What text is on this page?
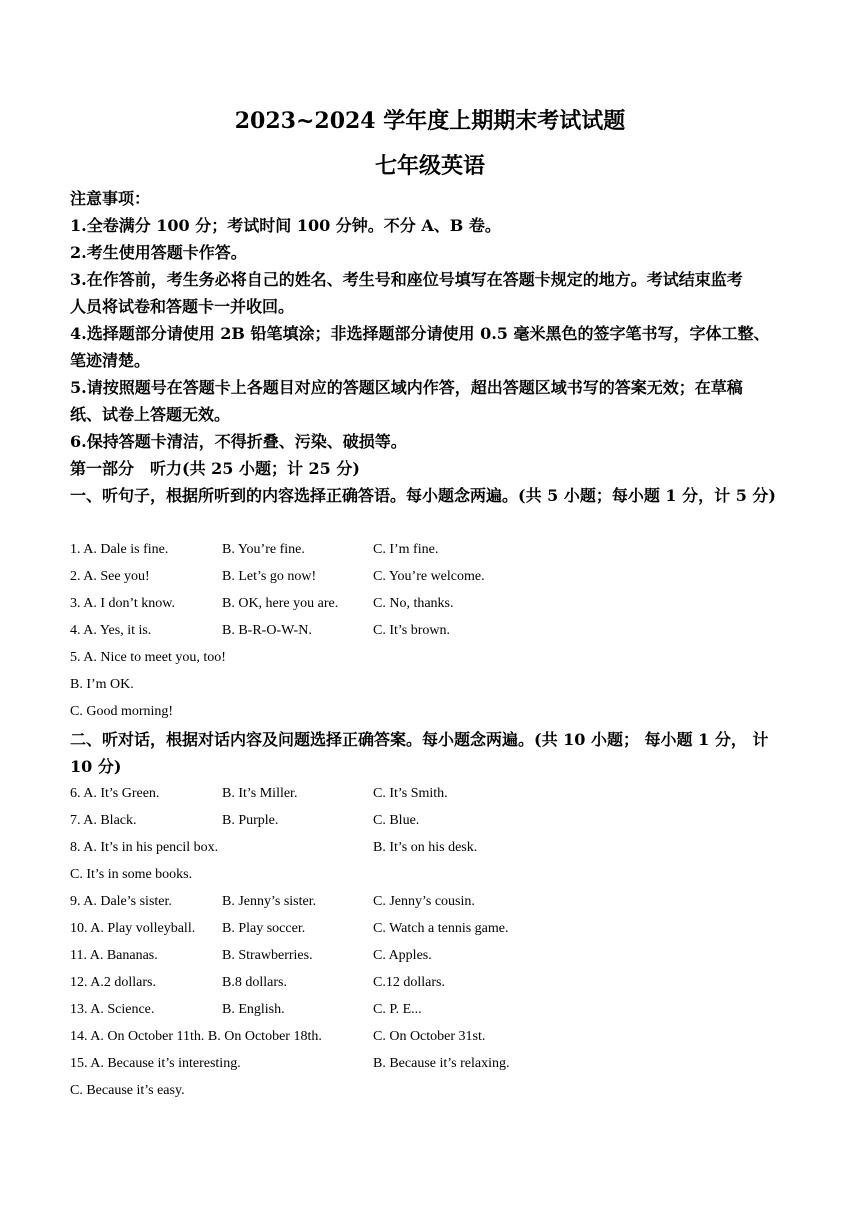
2023~2024 学年度上期期末考试试题
七年级英语
注意事项：
1.全卷满分 100 分；考试时间 100 分钟。不分 A、B 卷。
2.考生使用答题卡作答。
3.在作答前，考生务必将自己的姓名、考生号和座位号填写在答题卡规定的地方。考试结束监考
人员将试卷和答题卡一并收回。
4.选择题部分请使用 2B 铅笔填涂；非选择题部分请使用 0.5 毫米黑色的签字笔书写，字体工整、
笔迹清楚。
5.请按照题号在答题卡上各题目对应的答题区域内作答，超出答题区域书写的答案无效；在草稿
纸、试卷上答题无效。
6.保持答题卡清洁，不得折叠、污染、破损等。
第一部分　听力(共 25 小题；计 25 分)
一、听句子，根据所听到的内容选择正确答语。每小题念两遍。(共 5 小题；每小题 1 分，计 5 分)
1. A. Dale is fine.	B. You’re fine.	C. I’m fine.
2. A. See you!	B. Let’s go now!	C. You’re welcome.
3. A. I don’t know.	B. OK, here you are. C. No, thanks.
4. A. Yes, it is.	B. B-R-O-W-N.	C. It’s brown.
5. A. Nice to meet you, too!
B. I’m OK.
C. Good morning!
二、听对话，根据对话内容及问题选择正确答案。每小题念两遍。(共 10 小题； 每小题 1 分， 计 10 分)
6. A. It’s Green.	B. It’s Miller.	C. It’s Smith.
7. A. Black.	B. Purple.	C. Blue.
8. A. It’s in his pencil box.	B. It’s on his desk.
C. It’s in some books.
9. A. Dale’s sister.	B. Jenny’s sister.	C. Jenny’s cousin.
10. A. Play volleyball. B. Play soccer.	C. Watch a tennis game.
11. A. Bananas.	B. Strawberries.	C. Apples.
12. A.2 dollars.	B.8 dollars.	C.12 dollars.
13. A. Science.	B. English.	C. P. E...
14. A. On October 11th. B. On October 18th.	C. On October 31st.
15. A. Because it’s interesting.	B. Because it’s relaxing.
C. Because it’s easy.
